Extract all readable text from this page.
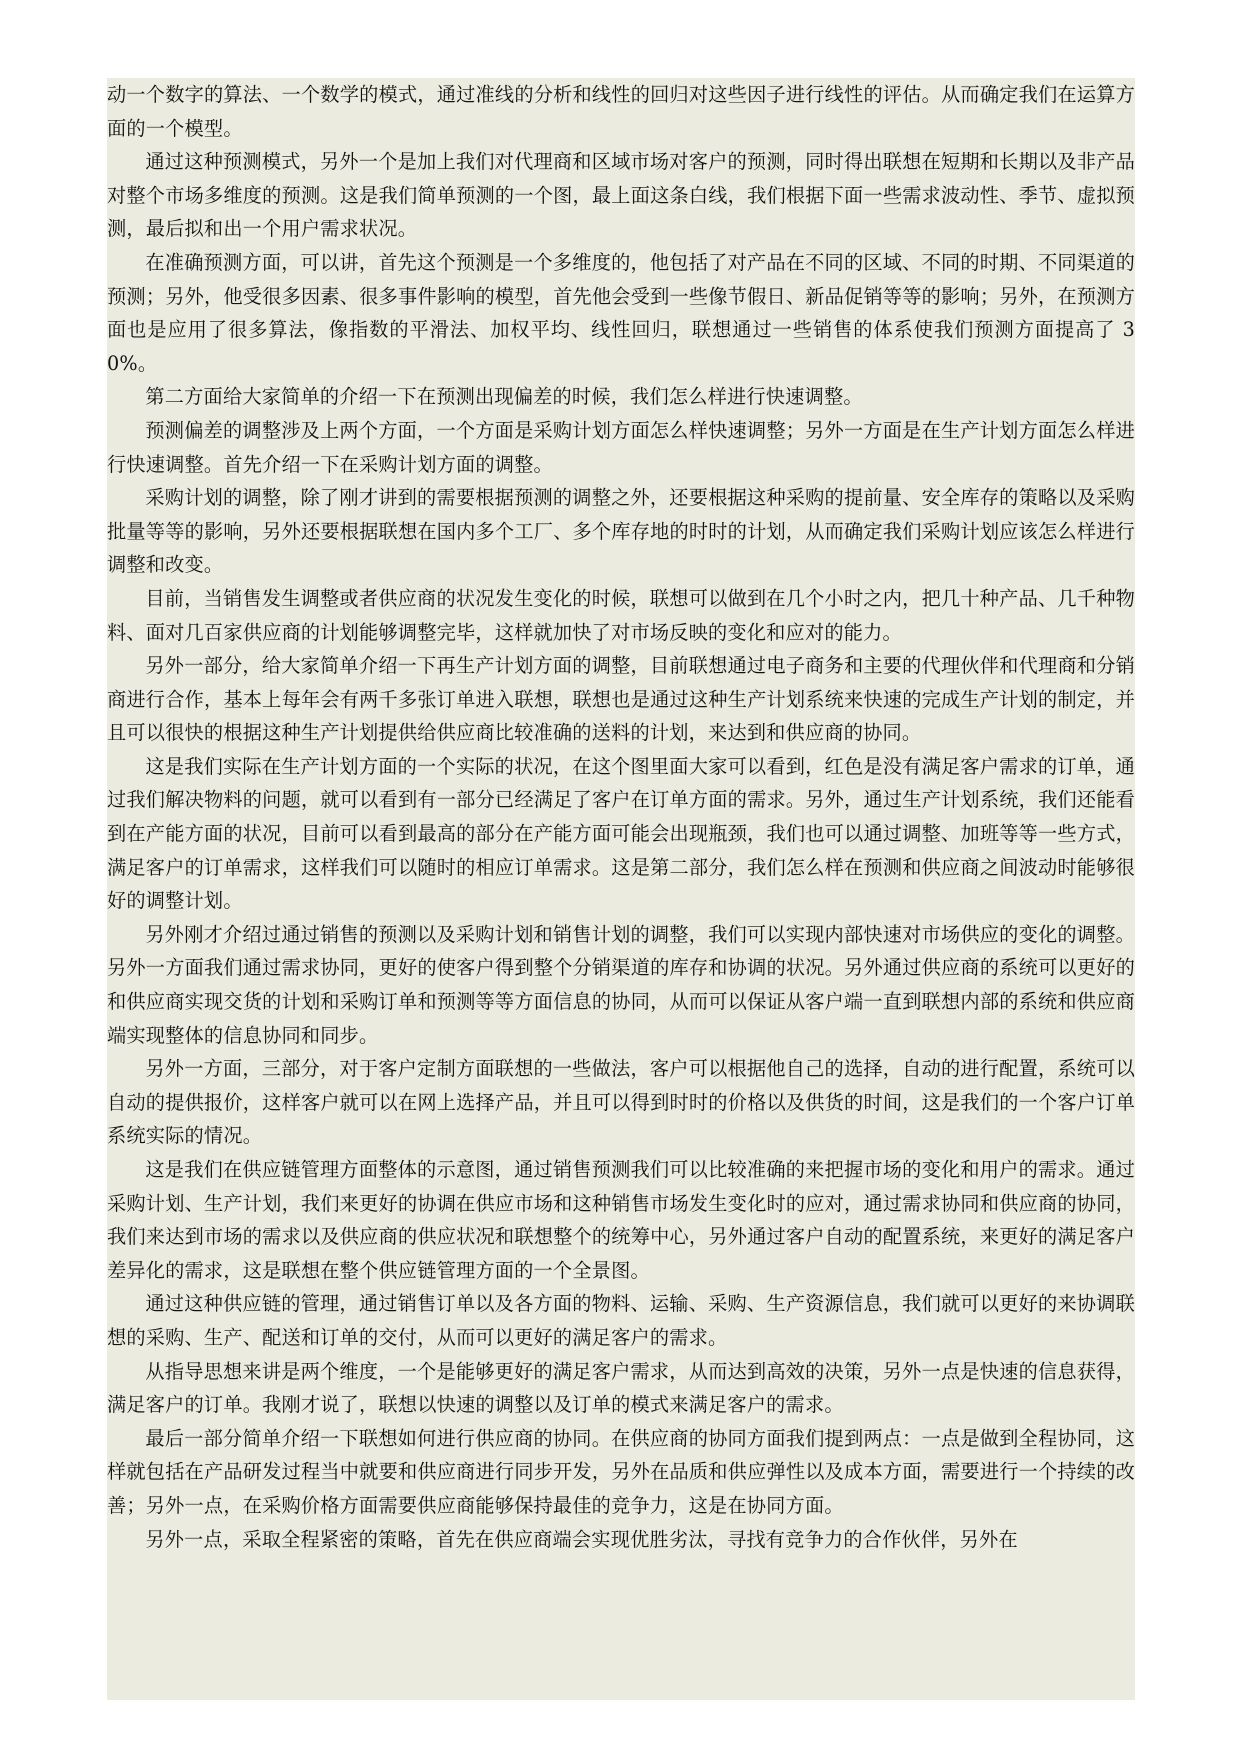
动一个数字的算法、一个数学的模式，通过准线的分析和线性的回归对这些因子进行线性的评估。从而确定我们在运算方面的一个模型。

通过这种预测模式，另外一个是加上我们对代理商和区域市场对客户的预测，同时得出联想在短期和长期以及非产品对整个市场多维度的预测。这是我们简单预测的一个图，最上面这条白线，我们根据下面一些需求波动性、季节、虚拟预测，最后拟和出一个用户需求状况。

在准确预测方面，可以讲，首先这个预测是一个多维度的，他包括了对产品在不同的区域、不同的时期、不同渠道的预测；另外，他受很多因素、很多事件影响的模型，首先他会受到一些像节假日、新品促销等等的影响；另外，在预测方面也是应用了很多算法，像指数的平滑法、加权平均、线性回归，联想通过一些销售的体系使我们预测方面提高了 30%。

第二方面给大家简单的介绍一下在预测出现偏差的时候，我们怎么样进行快速调整。

预测偏差的调整涉及上两个方面，一个方面是采购计划方面怎么样快速调整；另外一方面是在生产计划方面怎么样进行快速调整。首先介绍一下在采购计划方面的调整。

采购计划的调整，除了刚才讲到的需要根据预测的调整之外，还要根据这种采购的提前量、安全库存的策略以及采购批量等等的影响，另外还要根据联想在国内多个工厂、多个库存地的时时的计划，从而确定我们采购计划应该怎么样进行调整和改变。

目前，当销售发生调整或者供应商的状况发生变化的时候，联想可以做到在几个小时之内，把几十种产品、几千种物料、面对几百家供应商的计划能够调整完毕，这样就加快了对市场反映的变化和应对的能力。

另外一部分，给大家简单介绍一下再生产计划方面的调整，目前联想通过电子商务和主要的代理伙伴和代理商和分销商进行合作，基本上每年会有两千多张订单进入联想，联想也是通过这种生产计划系统来快速的完成生产计划的制定，并且可以很快的根据这种生产计划提供给供应商比较准确的送料的计划，来达到和供应商的协同。

这是我们实际在生产计划方面的一个实际的状况，在这个图里面大家可以看到，红色是没有满足客户需求的订单，通过我们解决物料的问题，就可以看到有一部分已经满足了客户在订单方面的需求。另外，通过生产计划系统，我们还能看到在产能方面的状况，目前可以看到最高的部分在产能方面可能会出现瓶颈，我们也可以通过调整、加班等等一些方式，满足客户的订单需求，这样我们可以随时的相应订单需求。这是第二部分，我们怎么样在预测和供应商之间波动时能够很好的调整计划。

另外刚才介绍过通过销售的预测以及采购计划和销售计划的调整，我们可以实现内部快速对市场供应的变化的调整。另外一方面我们通过需求协同，更好的使客户得到整个分销渠道的库存和协调的状况。另外通过供应商的系统可以更好的和供应商实现交货的计划和采购订单和预测等等方面信息的协同，从而可以保证从客户端一直到联想内部的系统和供应商端实现整体的信息协同和同步。

另外一方面，三部分，对于客户定制方面联想的一些做法，客户可以根据他自己的选择，自动的进行配置，系统可以自动的提供报价，这样客户就可以在网上选择产品，并且可以得到时时的价格以及供货的时间，这是我们的一个客户订单系统实际的情况。

这是我们在供应链管理方面整体的示意图，通过销售预测我们可以比较准确的来把握市场的变化和用户的需求。通过采购计划、生产计划，我们来更好的协调在供应市场和这种销售市场发生变化时的应对，通过需求协同和供应商的协同，我们来达到市场的需求以及供应商的供应状况和联想整个的统筹中心，另外通过客户自动的配置系统，来更好的满足客户差异化的需求，这是联想在整个供应链管理方面的一个全景图。

通过这种供应链的管理，通过销售订单以及各方面的物料、运输、采购、生产资源信息，我们就可以更好的来协调联想的采购、生产、配送和订单的交付，从而可以更好的满足客户的需求。

从指导思想来讲是两个维度，一个是能够更好的满足客户需求，从而达到高效的决策，另外一点是快速的信息获得，满足客户的订单。我刚才说了，联想以快速的调整以及订单的模式来满足客户的需求。

最后一部分简单介绍一下联想如何进行供应商的协同。在供应商的协同方面我们提到两点：一点是做到全程协同，这样就包括在产品研发过程当中就要和供应商进行同步开发，另外在品质和供应弹性以及成本方面，需要进行一个持续的改善；另外一点，在采购价格方面需要供应商能够保持最佳的竞争力，这是在协同方面。

另外一点，采取全程紧密的策略，首先在供应商端会实现优胜劣汰，寻找有竞争力的合作伙伴，另外在
